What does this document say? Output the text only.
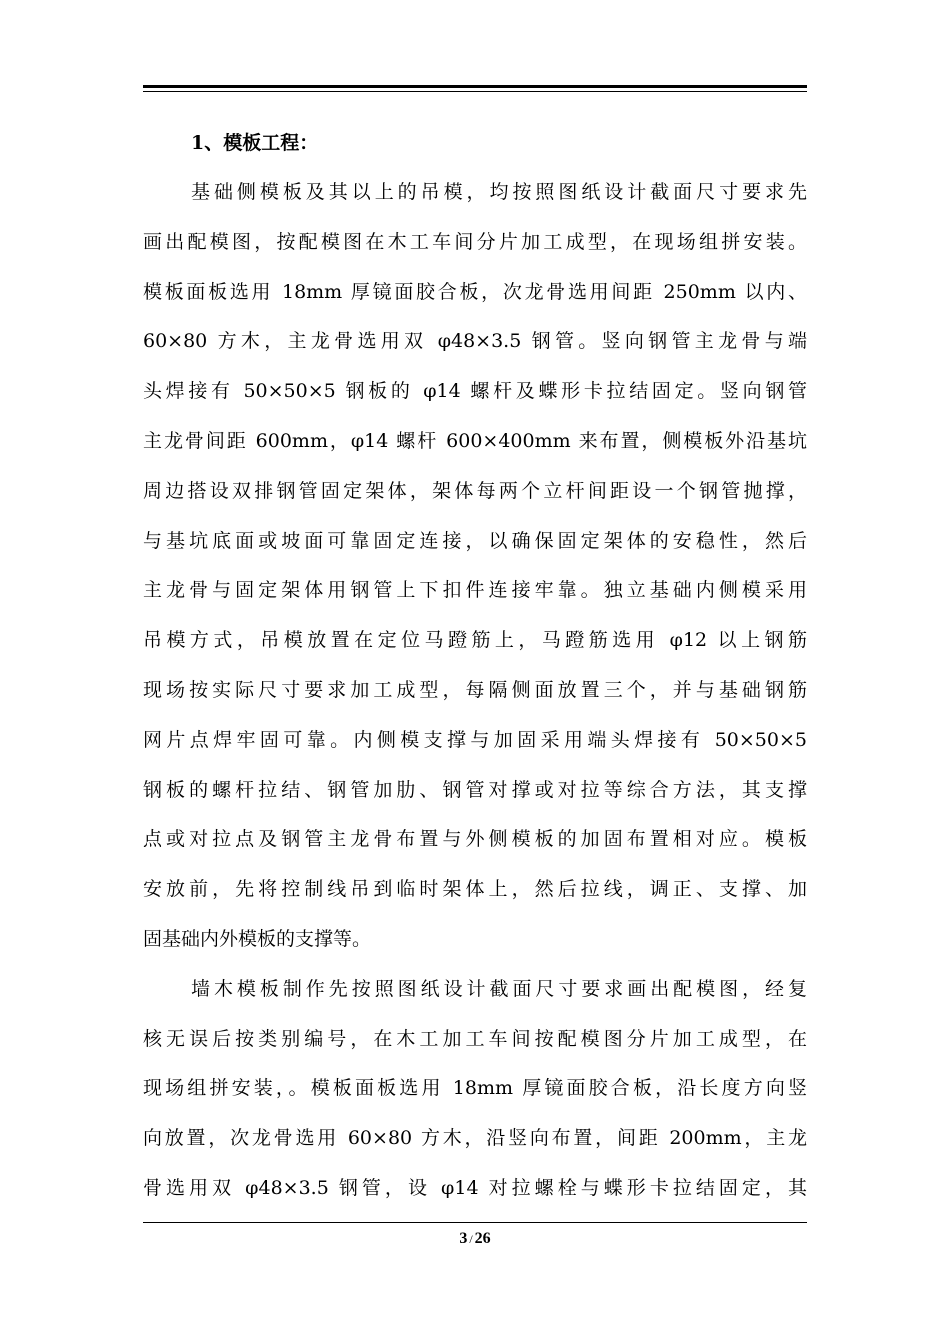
1、模板工程：

基础侧模板及其以上的吊模，均按照图纸设计截面尺寸要求先

画出配模图，按配模图在木工车间分片加工成型，在现场组拼安装。

模板面板选用 18mm 厚镜面胶合板，次龙骨选用间距 250mm 以内、

60×80 方木，主龙骨选用双 φ48×3.5 钢管。竖向钢管主龙骨与端

头焊接有 50×50×5 钢板的 φ14 螺杆及蝶形卡拉结固定。竖向钢管

主龙骨间距 600mm，φ14 螺杆 600×400mm 来布置，侧模板外沿基坑

周边搭设双排钢管固定架体，架体每两个立杆间距设一个钢管抛撑，

与基坑底面或坡面可靠固定连接，以确保固定架体的安稳性，然后

主龙骨与固定架体用钢管上下扣件连接牢靠。独立基础内侧模采用

吊模方式，吊模放置在定位马蹬筋上，马蹬筋选用 φ12 以上钢筋

现场按实际尺寸要求加工成型，每隔侧面放置三个，并与基础钢筋

网片点焊牢固可靠。内侧模支撑与加固采用端头焊接有 50×50×5

钢板的螺杆拉结、钢管加肋、钢管对撑或对拉等综合方法，其支撑

点或对拉点及钢管主龙骨布置与外侧模板的加固布置相对应。模板

安放前，先将控制线吊到临时架体上，然后拉线，调正、支撑、加

固基础内外模板的支撑等。

墙木模板制作先按照图纸设计截面尺寸要求画出配模图，经复

核无误后按类别编号，在木工加工车间按配模图分片加工成型，在

现场组拼安装，。模板面板选用 18mm 厚镜面胶合板，沿长度方向竖

向放置，次龙骨选用 60×80 方木，沿竖向布置，间距 200mm，主龙

骨选用双 φ48×3.5 钢管，设 φ14 对拉螺栓与蝶形卡拉结固定，其

3 / 26
